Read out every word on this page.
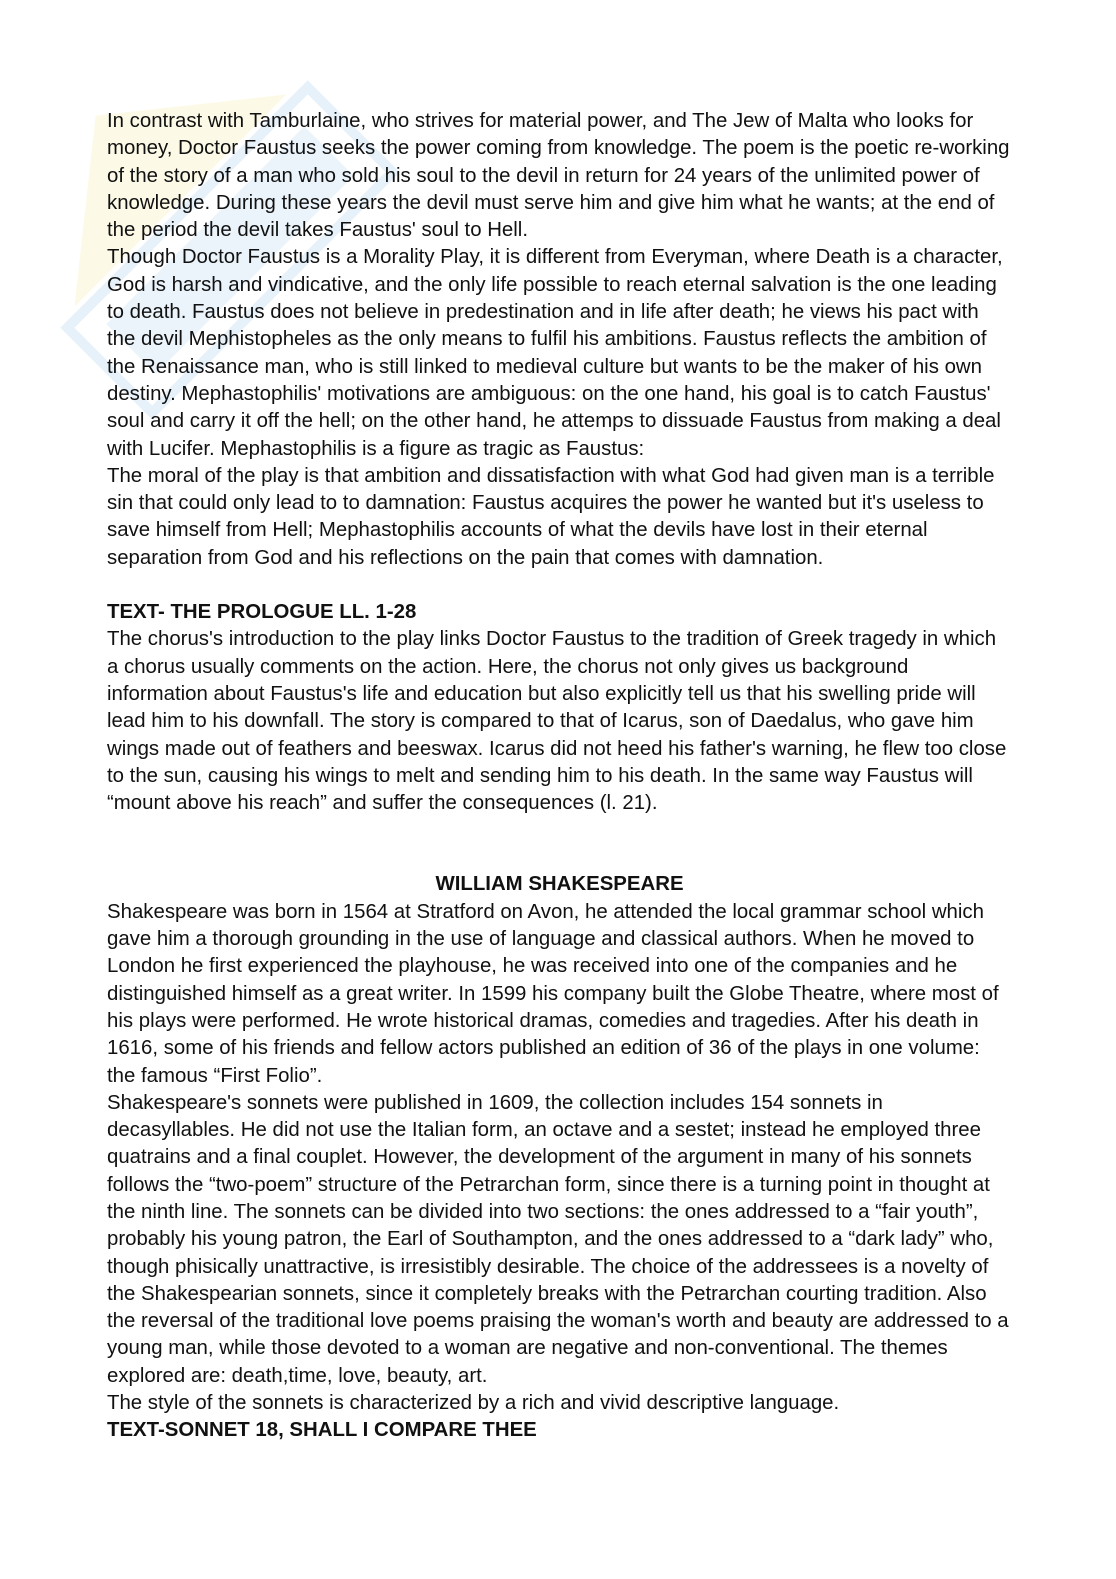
In contrast with Tamburlaine, who strives for material power, and The Jew of Malta who looks for money, Doctor Faustus seeks the power coming from knowledge. The poem is the poetic re-working of the story of a man who sold his soul to the devil in return for 24 years of the unlimited power of knowledge. During these years the devil must serve him and give him what he wants; at the end of the period the devil takes Faustus' soul to Hell.

Though Doctor Faustus is a Morality Play, it is different from Everyman, where Death is a character, God is harsh and vindicative, and the only life possible to reach eternal salvation is the one leading to death. Faustus does not believe in predestination and in life after death; he views his pact with the devil Mephistopheles as the only means to fulfil his ambitions. Faustus reflects the ambition of the Renaissance man, who is still linked to medieval culture but wants to be the maker of his own destiny. Mephastophilis' motivations are ambiguous: on the one hand, his goal is to catch Faustus' soul and carry it off the hell; on the other hand, he attemps to dissuade Faustus from making a deal with Lucifer. Mephastophilis is a figure as tragic as Faustus:

The moral of the play is that ambition and dissatisfaction with what God had given man is a terrible sin that could only lead to to damnation: Faustus acquires the power he wanted but it's useless to save himself from Hell; Mephastophilis accounts of what the devils have lost in their eternal separation from God and his reflections on the pain that comes with damnation.

TEXT- THE PROLOGUE LL. 1-28

The chorus's introduction to the play links Doctor Faustus to the tradition of Greek tragedy in which a chorus usually comments on the action. Here, the chorus not only gives us background information about Faustus's life and education but also explicitly tell us that his swelling pride will lead him to his downfall. The story is compared to that of Icarus, son of Daedalus, who gave him wings made out of feathers and beeswax. Icarus did not heed his father's warning, he flew too close to the sun, causing his wings to melt and sending him to his death. In the same way Faustus will “mount above his reach” and suffer the consequences (l. 21).

WILLIAM SHAKESPEARE

Shakespeare was born in 1564 at Stratford on Avon, he attended the local grammar school which gave him a thorough grounding in the use of language and classical authors. When he moved to London he first experienced the playhouse, he was received into one of the companies and he distinguished himself as a great writer. In 1599 his company built the Globe Theatre, where most of his plays were performed. He wrote historical dramas, comedies and tragedies. After his death in 1616, some of his friends and fellow actors published an edition of 36 of the plays in one volume: the famous “First Folio”.

Shakespeare's sonnets were published in 1609, the collection includes 154 sonnets in decasyllables. He did not use the Italian form, an octave and a sestet; instead he employed three quatrains and a final couplet. However, the development of the argument in many of his sonnets follows the “two-poem” structure of the Petrarchan form, since there is a turning point in thought at the ninth line. The sonnets can be divided into two sections: the ones addressed to a “fair youth”, probably his young patron, the Earl of Southampton, and the ones addressed to a “dark lady” who, though phisically unattractive, is irresistibly desirable. The choice of the addressees is a novelty of the Shakespearian sonnets, since it completely breaks with the Petrarchan courting tradition. Also the reversal of the traditional love poems praising the woman's worth and beauty are addressed to a young man, while those devoted to a woman are negative and non-conventional. The themes explored are: death,time, love, beauty, art.

The style of the sonnets is characterized by a rich and vivid descriptive language.

TEXT-SONNET 18, SHALL I COMPARE THEE
